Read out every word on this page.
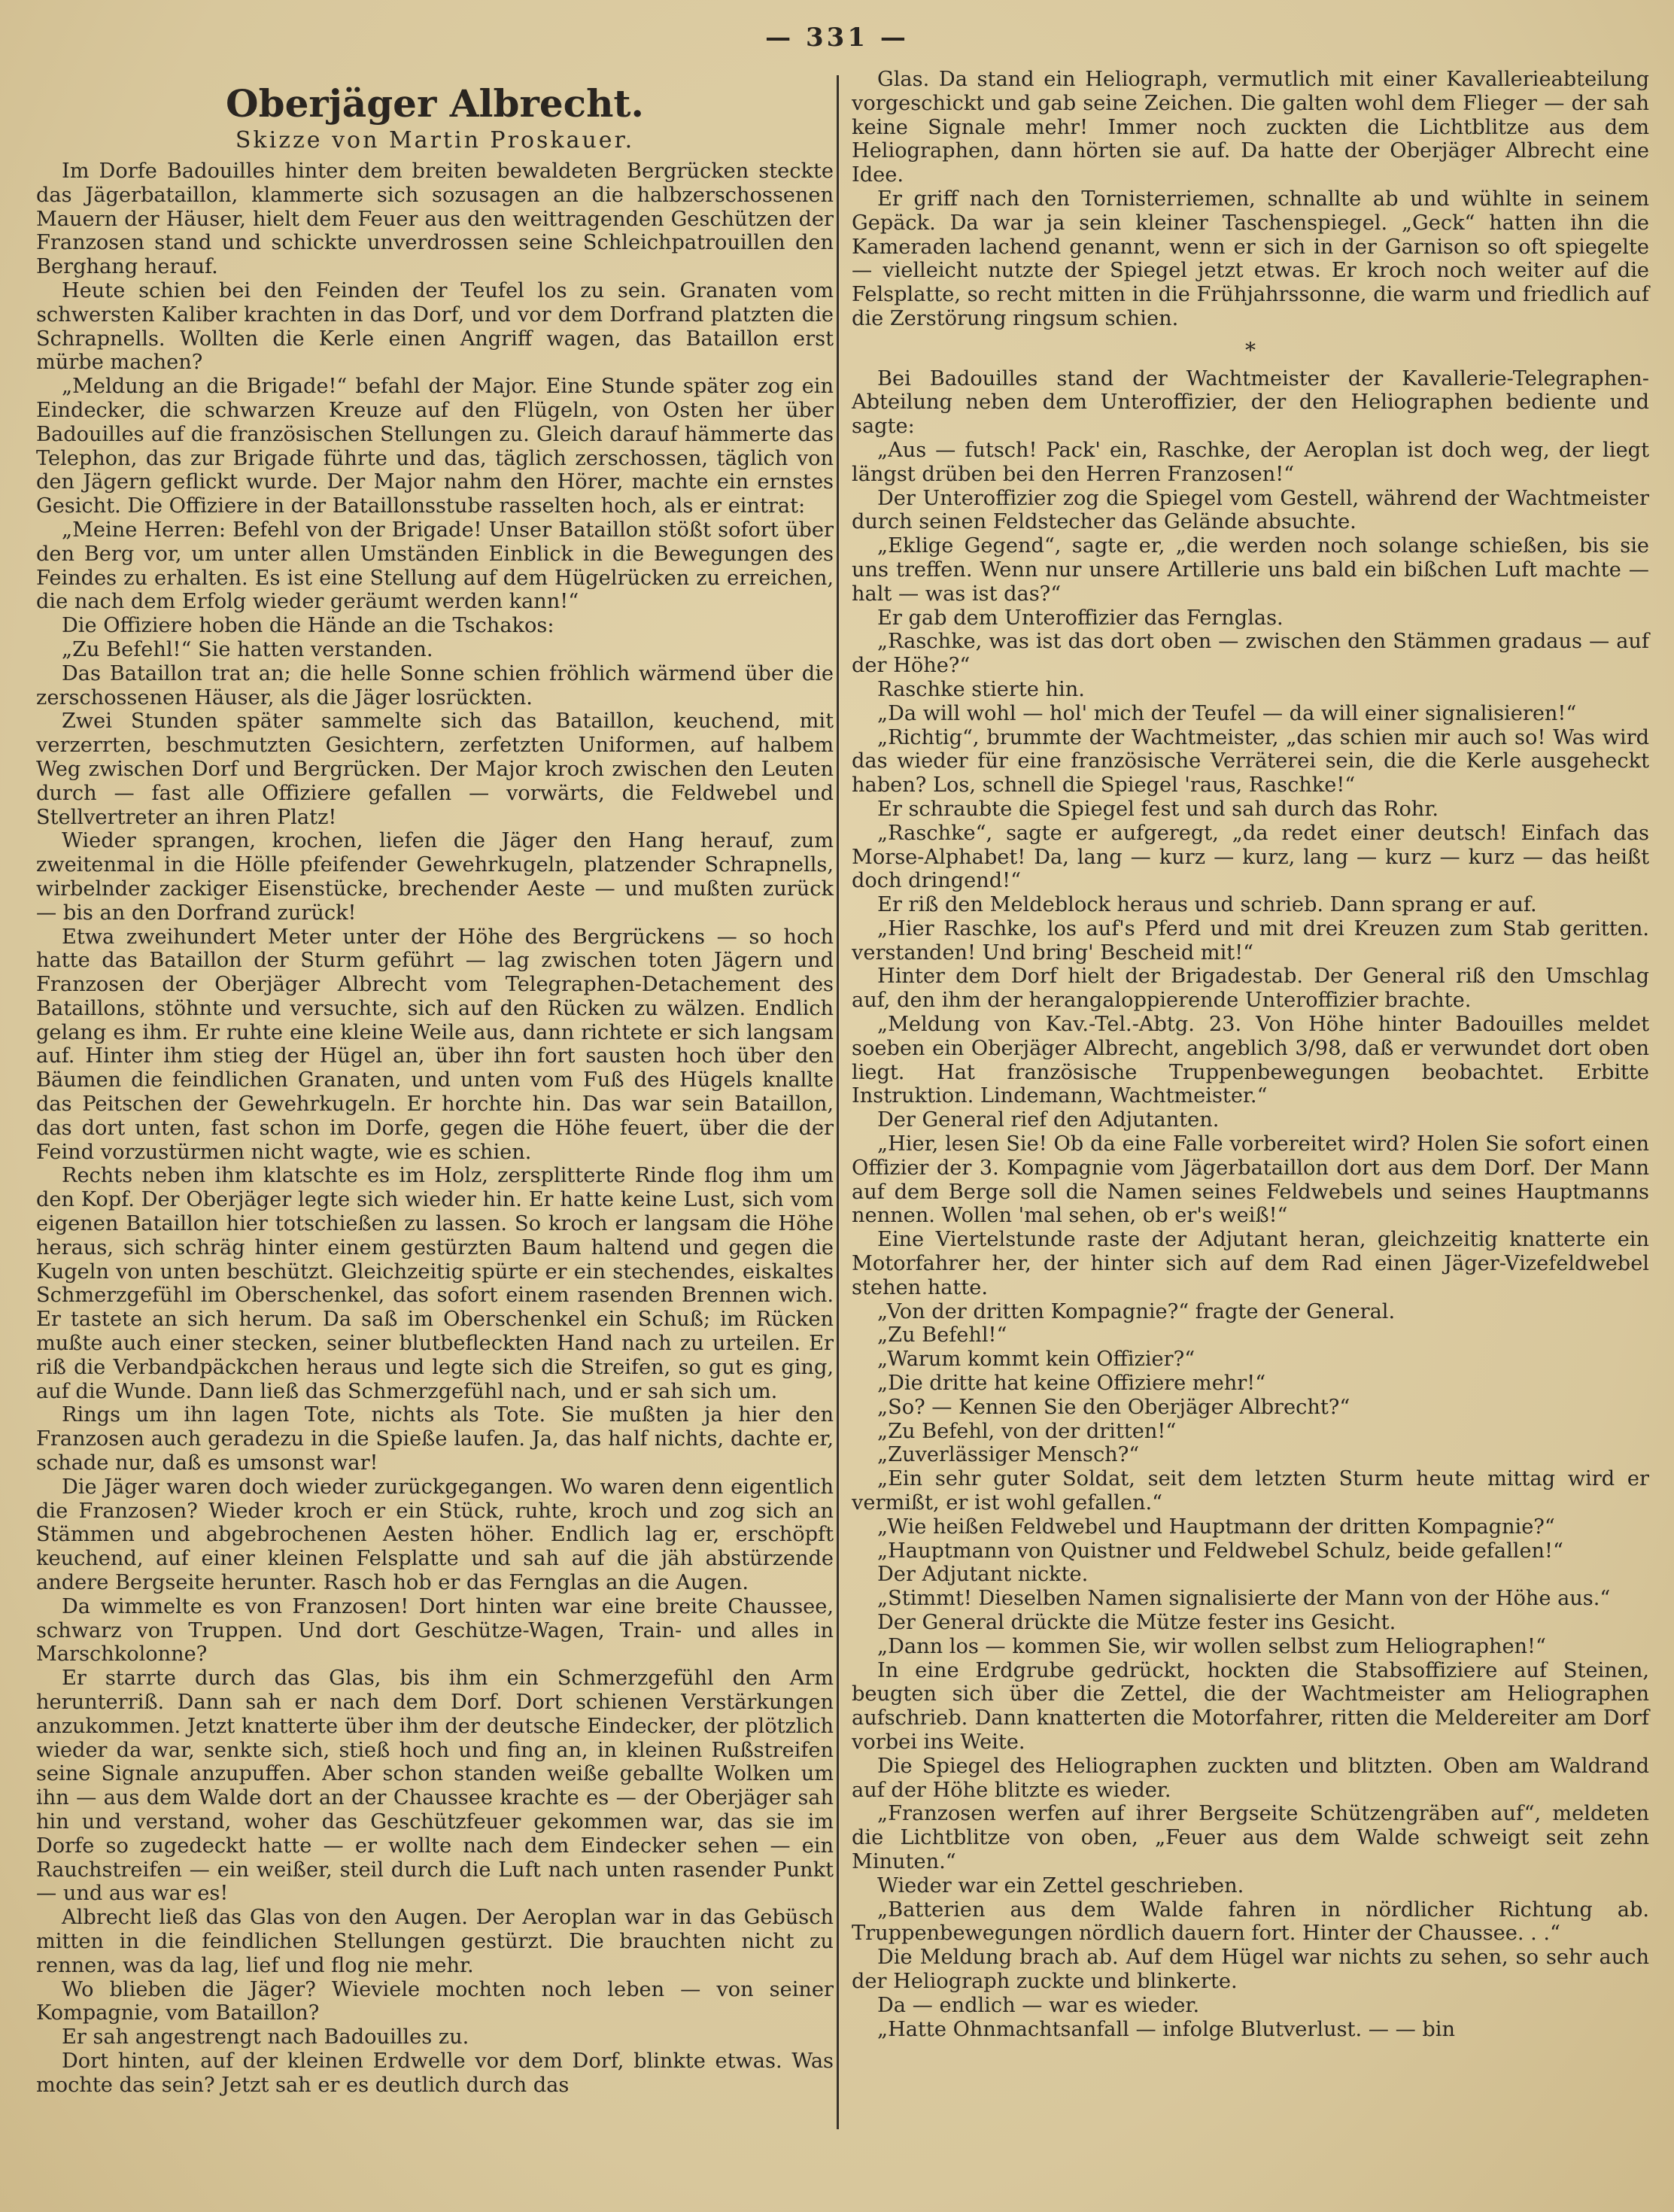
— 331 —
Oberjäger Albrecht.

Skizze von Martin Proskauer.

Im Dorfe Badouilles hinter dem breiten bewaldeten Bergrücken steckte das Jägerbataillon, klammerte sich sozusagen an die halbzerschossenen Mauern der Häuser, hielt dem Feuer aus den weittragenden Geschützen der Franzosen stand und schickte unverdrossen seine Schleichpatrouillen den Berghang herauf.

Heute schien bei den Feinden der Teufel los zu sein. Granaten vom schwersten Kaliber krachten in das Dorf, und vor dem Dorfrand platzten die Schrapnells. Wollten die Kerle einen Angriff wagen, das Bataillon erst mürbe machen?

„Meldung an die Brigade!“ befahl der Major. Eine Stunde später zog ein Eindecker, die schwarzen Kreuze auf den Flügeln, von Osten her über Badouilles auf die französischen Stellungen zu. Gleich darauf hämmerte das Telephon, das zur Brigade führte und das, täglich zerschossen, täglich von den Jägern geflickt wurde. Der Major nahm den Hörer, machte ein ernstes Gesicht. Die Offiziere in der Bataillonsstube rasselten hoch, als er eintrat:

„Meine Herren: Befehl von der Brigade! Unser Bataillon stößt sofort über den Berg vor, um unter allen Umständen Einblick in die Bewegungen des Feindes zu erhalten. Es ist eine Stellung auf dem Hügelrücken zu erreichen, die nach dem Erfolg wieder geräumt werden kann!“

Die Offiziere hoben die Hände an die Tschakos:

„Zu Befehl!“ Sie hatten verstanden.

Das Bataillon trat an; die helle Sonne schien fröhlich wärmend über die zerschossenen Häuser, als die Jäger losrückten.

Zwei Stunden später sammelte sich das Bataillon, keuchend, mit verzerrten, beschmutzten Gesichtern, zerfetzten Uniformen, auf halbem Weg zwischen Dorf und Bergrücken. Der Major kroch zwischen den Leuten durch — fast alle Offiziere gefallen — vorwärts, die Feldwebel und Stellvertreter an ihren Platz!

Wieder sprangen, krochen, liefen die Jäger den Hang herauf, zum zweitenmal in die Hölle pfeifender Gewehrkugeln, platzender Schrapnells, wirbelnder zackiger Eisenstücke, brechender Aeste — und mußten zurück — bis an den Dorfrand zurück!

Etwa zweihundert Meter unter der Höhe des Bergrückens — so hoch hatte das Bataillon der Sturm geführt — lag zwischen toten Jägern und Franzosen der Oberjäger Albrecht vom Telegraphen-Detachement des Bataillons, stöhnte und versuchte, sich auf den Rücken zu wälzen. Endlich gelang es ihm. Er ruhte eine kleine Weile aus, dann richtete er sich langsam auf. Hinter ihm stieg der Hügel an, über ihn fort sausten hoch über den Bäumen die feindlichen Granaten, und unten vom Fuß des Hügels knallte das Peitschen der Gewehrkugeln. Er horchte hin. Das war sein Bataillon, das dort unten, fast schon im Dorfe, gegen die Höhe feuert, über die der Feind vorzustürmen nicht wagte, wie es schien.

Rechts neben ihm klatschte es im Holz, zersplitterte Rinde flog ihm um den Kopf. Der Oberjäger legte sich wieder hin. Er hatte keine Lust, sich vom eigenen Bataillon hier totschießen zu lassen. So kroch er langsam die Höhe heraus, sich schräg hinter einem gestürzten Baum haltend und gegen die Kugeln von unten beschützt. Gleichzeitig spürte er ein stechendes, eiskaltes Schmerzgefühl im Oberschenkel, das sofort einem rasenden Brennen wich. Er tastete an sich herum. Da saß im Oberschenkel ein Schuß; im Rücken mußte auch einer stecken, seiner blutbefleckten Hand nach zu urteilen. Er riß die Verbandpäckchen heraus und legte sich die Streifen, so gut es ging, auf die Wunde. Dann ließ das Schmerzgefühl nach, und er sah sich um.

Rings um ihn lagen Tote, nichts als Tote. Sie mußten ja hier den Franzosen auch geradezu in die Spieße laufen. Ja, das half nichts, dachte er, schade nur, daß es umsonst war!

Die Jäger waren doch wieder zurückgegangen. Wo waren denn eigentlich die Franzosen? Wieder kroch er ein Stück, ruhte, kroch und zog sich an Stämmen und abgebrochenen Aesten höher. Endlich lag er, erschöpft keuchend, auf einer kleinen Felsplatte und sah auf die jäh abstürzende andere Bergseite herunter. Rasch hob er das Fernglas an die Augen.

Da wimmelte es von Franzosen! Dort hinten war eine breite Chaussee, schwarz von Truppen. Und dort Geschütze-Wagen, Train- und alles in Marschkolonne?

Er starrte durch das Glas, bis ihm ein Schmerzgefühl den Arm herunterriß. Dann sah er nach dem Dorf. Dort schienen Verstärkungen anzukommen. Jetzt knatterte über ihm der deutsche Eindecker, der plötzlich wieder da war, senkte sich, stieß hoch und fing an, in kleinen Rußstreifen seine Signale anzupuffen. Aber schon standen weiße geballte Wolken um ihn — aus dem Walde dort an der Chaussee krachte es — der Oberjäger sah hin und verstand, woher das Geschützfeuer gekommen war, das sie im Dorfe so zugedeckt hatte — er wollte nach dem Eindecker sehen — ein Rauchstreifen — ein weißer, steil durch die Luft nach unten rasender Punkt — und aus war es!

Albrecht ließ das Glas von den Augen. Der Aeroplan war in das Gebüsch mitten in die feindlichen Stellungen gestürzt. Die brauchten nicht zu rennen, was da lag, lief und flog nie mehr.

Wo blieben die Jäger? Wieviele mochten noch leben — von seiner Kompagnie, vom Bataillon?

Er sah angestrengt nach Badouilles zu.

Dort hinten, auf der kleinen Erdwelle vor dem Dorf, blinkte etwas. Was mochte das sein? Jetzt sah er es deutlich durch das

Glas. Da stand ein Heliograph, vermutlich mit einer Kavallerieabteilung vorgeschickt und gab seine Zeichen. Die galten wohl dem Flieger — der sah keine Signale mehr! Immer noch zuckten die Lichtblitze aus dem Heliographen, dann hörten sie auf. Da hatte der Oberjäger Albrecht eine Idee.

Er griff nach den Tornisterriemen, schnallte ab und wühlte in seinem Gepäck. Da war ja sein kleiner Taschenspiegel. „Geck“ hatten ihn die Kameraden lachend genannt, wenn er sich in der Garnison so oft spiegelte — vielleicht nutzte der Spiegel jetzt etwas. Er kroch noch weiter auf die Felsplatte, so recht mitten in die Frühjahrssonne, die warm und friedlich auf die Zerstörung ringsum schien.

*

Bei Badouilles stand der Wachtmeister der Kavallerie-Telegraphen-Abteilung neben dem Unteroffizier, der den Heliographen bediente und sagte:

„Aus — futsch! Pack' ein, Raschke, der Aeroplan ist doch weg, der liegt längst drüben bei den Herren Franzosen!“

Der Unteroffizier zog die Spiegel vom Gestell, während der Wachtmeister durch seinen Feldstecher das Gelände absuchte.

„Eklige Gegend“, sagte er, „die werden noch solange schießen, bis sie uns treffen. Wenn nur unsere Artillerie uns bald ein bißchen Luft machte — halt — was ist das?“

Er gab dem Unteroffizier das Fernglas.

„Raschke, was ist das dort oben — zwischen den Stämmen gradaus — auf der Höhe?“

Raschke stierte hin.

„Da will wohl — hol' mich der Teufel — da will einer signalisieren!“

„Richtig“, brummte der Wachtmeister, „das schien mir auch so! Was wird das wieder für eine französische Verräterei sein, die die Kerle ausgeheckt haben? Los, schnell die Spiegel 'raus, Raschke!“

Er schraubte die Spiegel fest und sah durch das Rohr.

„Raschke“, sagte er aufgeregt, „da redet einer deutsch! Einfach das Morse-Alphabet! Da, lang — kurz — kurz, lang — kurz — kurz — das heißt doch dringend!“

Er riß den Meldeblock heraus und schrieb. Dann sprang er auf.

„Hier Raschke, los auf's Pferd und mit drei Kreuzen zum Stab geritten. verstanden! Und bring' Bescheid mit!“

Hinter dem Dorf hielt der Brigadestab. Der General riß den Umschlag auf, den ihm der herangaloppierende Unteroffizier brachte.

„Meldung von Kav.-Tel.-Abtg. 23. Von Höhe hinter Badouilles meldet soeben ein Oberjäger Albrecht, angeblich 3/98, daß er verwundet dort oben liegt. Hat französische Truppenbewegungen beobachtet. Erbitte Instruktion. Lindemann, Wachtmeister.“

Der General rief den Adjutanten.

„Hier, lesen Sie! Ob da eine Falle vorbereitet wird? Holen Sie sofort einen Offizier der 3. Kompagnie vom Jägerbataillon dort aus dem Dorf. Der Mann auf dem Berge soll die Namen seines Feldwebels und seines Hauptmanns nennen. Wollen 'mal sehen, ob er's weiß!“

Eine Viertelstunde raste der Adjutant heran, gleichzeitig knatterte ein Motorfahrer her, der hinter sich auf dem Rad einen Jäger-Vizefeldwebel stehen hatte.

„Von der dritten Kompagnie?“ fragte der General.

„Zu Befehl!“

„Warum kommt kein Offizier?“

„Die dritte hat keine Offiziere mehr!“

„So? — Kennen Sie den Oberjäger Albrecht?“

„Zu Befehl, von der dritten!“

„Zuverlässiger Mensch?“

„Ein sehr guter Soldat, seit dem letzten Sturm heute mittag wird er vermißt, er ist wohl gefallen.“

„Wie heißen Feldwebel und Hauptmann der dritten Kompagnie?“

„Hauptmann von Quistner und Feldwebel Schulz, beide gefallen!“

Der Adjutant nickte.

„Stimmt! Dieselben Namen signalisierte der Mann von der Höhe aus.“

Der General drückte die Mütze fester ins Gesicht.

„Dann los — kommen Sie, wir wollen selbst zum Heliographen!“

In eine Erdgrube gedrückt, hockten die Stabsoffiziere auf Steinen, beugten sich über die Zettel, die der Wachtmeister am Heliographen aufschrieb. Dann knatterten die Motorfahrer, ritten die Meldereiter am Dorf vorbei ins Weite.

Die Spiegel des Heliographen zuckten und blitzten. Oben am Waldrand auf der Höhe blitzte es wieder.

„Franzosen werfen auf ihrer Bergseite Schützengräben auf“, meldeten die Lichtblitze von oben, „Feuer aus dem Walde schweigt seit zehn Minuten.“

Wieder war ein Zettel geschrieben.

„Batterien aus dem Walde fahren in nördlicher Richtung ab. Truppenbewegungen nördlich dauern fort. Hinter der Chaussee. . .“

Die Meldung brach ab. Auf dem Hügel war nichts zu sehen, so sehr auch der Heliograph zuckte und blinkerte.

Da — endlich — war es wieder.

„Hatte Ohnmachtsanfall — infolge Blutverlust. — — bin
